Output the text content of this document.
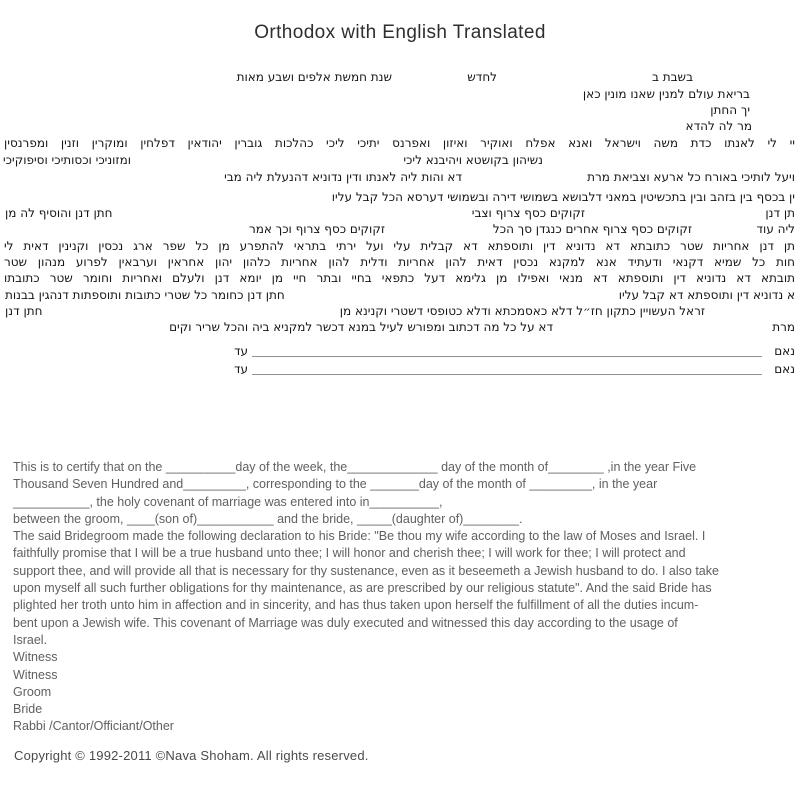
Orthodox with English Translated
בשבת ב
לחדש
שנת חמשת אלפים ושבע מאות
בריאת עולם למנין שאנו מונין כאן
יך החתן
מר לה להדא
יי לי לאנתו כדת משה וישראל ואנא אפלח ואוקיר ואיזון ואפרנס יתיכי ליכי כהלכות גוברין יהודאין דפלחין ומוקרין וזנין ומפרנסין
נשיהון בקושטא ויהיבנא ליכי
ומזוניכי וכסותיכי וסיפוקיכי
ויעל לותיכי באורח כל ארעא וצביאת מרת
דא והות ליה לאנתו ודין נדוניא דהנעלת ליה מבי
ין בכסף בין בזהב ובין בתכשיטין במאני דלבושא בשמושי דירה ובשמושי דערסא הכל קבל עליו
תן דנן
זקוקים כסף צרוף וצבי
חתן דנן והוסיף לה מן
ליה עוד
זקוקים כסף צרוף אחרים כנגדן סך הכל
זקוקים כסף צרוף וכך אמר
תן דנן אחריות שטר כתובתא דא נדוניא דין ותוספתא דא קבלית עלי ועל ירתי בתראי להתפרע מן כל שפר ארג נכסין וקנינין דאית לי
חות כל שמיא דקנאי ודעתיד אנא למקנא נכסין דאית להון אחריות ודלית להון אחריות כלהון יהון אחראין וערבאין לפרוע מנהון שטר
תובתא דא נדוניא דין ותוספתא דא מנאי ואפילו מן גלימא דעל כתפאי בחיי ובתר חיי מן יומא דנן ולעלם ואחריות וחומר שטר כתובתו
א נדוניא דין ותוספתא דא קבל עליו
חתן דנן כחומר כל שטרי כתובות ותוספתות דנהגין בבנות
זראל העשויין כתקון חז״ל דלא כאסמכתא ודלא כטופסי דשטרי וקנינא מן
חתן דנן
מרת
דא על כל מה דכתוב ומפורש לעיל במנא דכשר למקניא ביה והכל שריר וקים
נאם
עד
נאם
עד
This is to certify that on the __________day of the week, the_____________ day of the month of________ ,in the year Five
Thousand Seven Hundred and_________, corresponding to the _______day of the month of _________, in the year
___________, the holy covenant of marriage was entered into in__________,
between the groom, ____(son of)___________ and the bride, _____(daughter of)________.
The said Bridegroom made the following declaration to his Bride: "Be thou my wife according to the law of Moses and Israel. I
faithfully promise that I will be a true husband unto thee; I will honor and cherish thee; I will work for thee; I will protect and
support thee, and will provide all that is necessary for thy sustenance, even as it beseemeth a Jewish husband to do. I also take
upon myself all such further obligations for thy maintenance, as are prescribed by our religious statute". And the said Bride has
plighted her troth unto him in affection and in sincerity, and has thus taken upon herself the fulfillment of all the duties incum-
bent upon a Jewish wife. This covenant of Marriage was duly executed and witnessed this day according to the usage of
Israel.
Witness
Witness
Groom
Bride
Rabbi /Cantor/Officiant/Other
Copyright © 1992-2011 ©Nava Shoham. All rights reserved.
